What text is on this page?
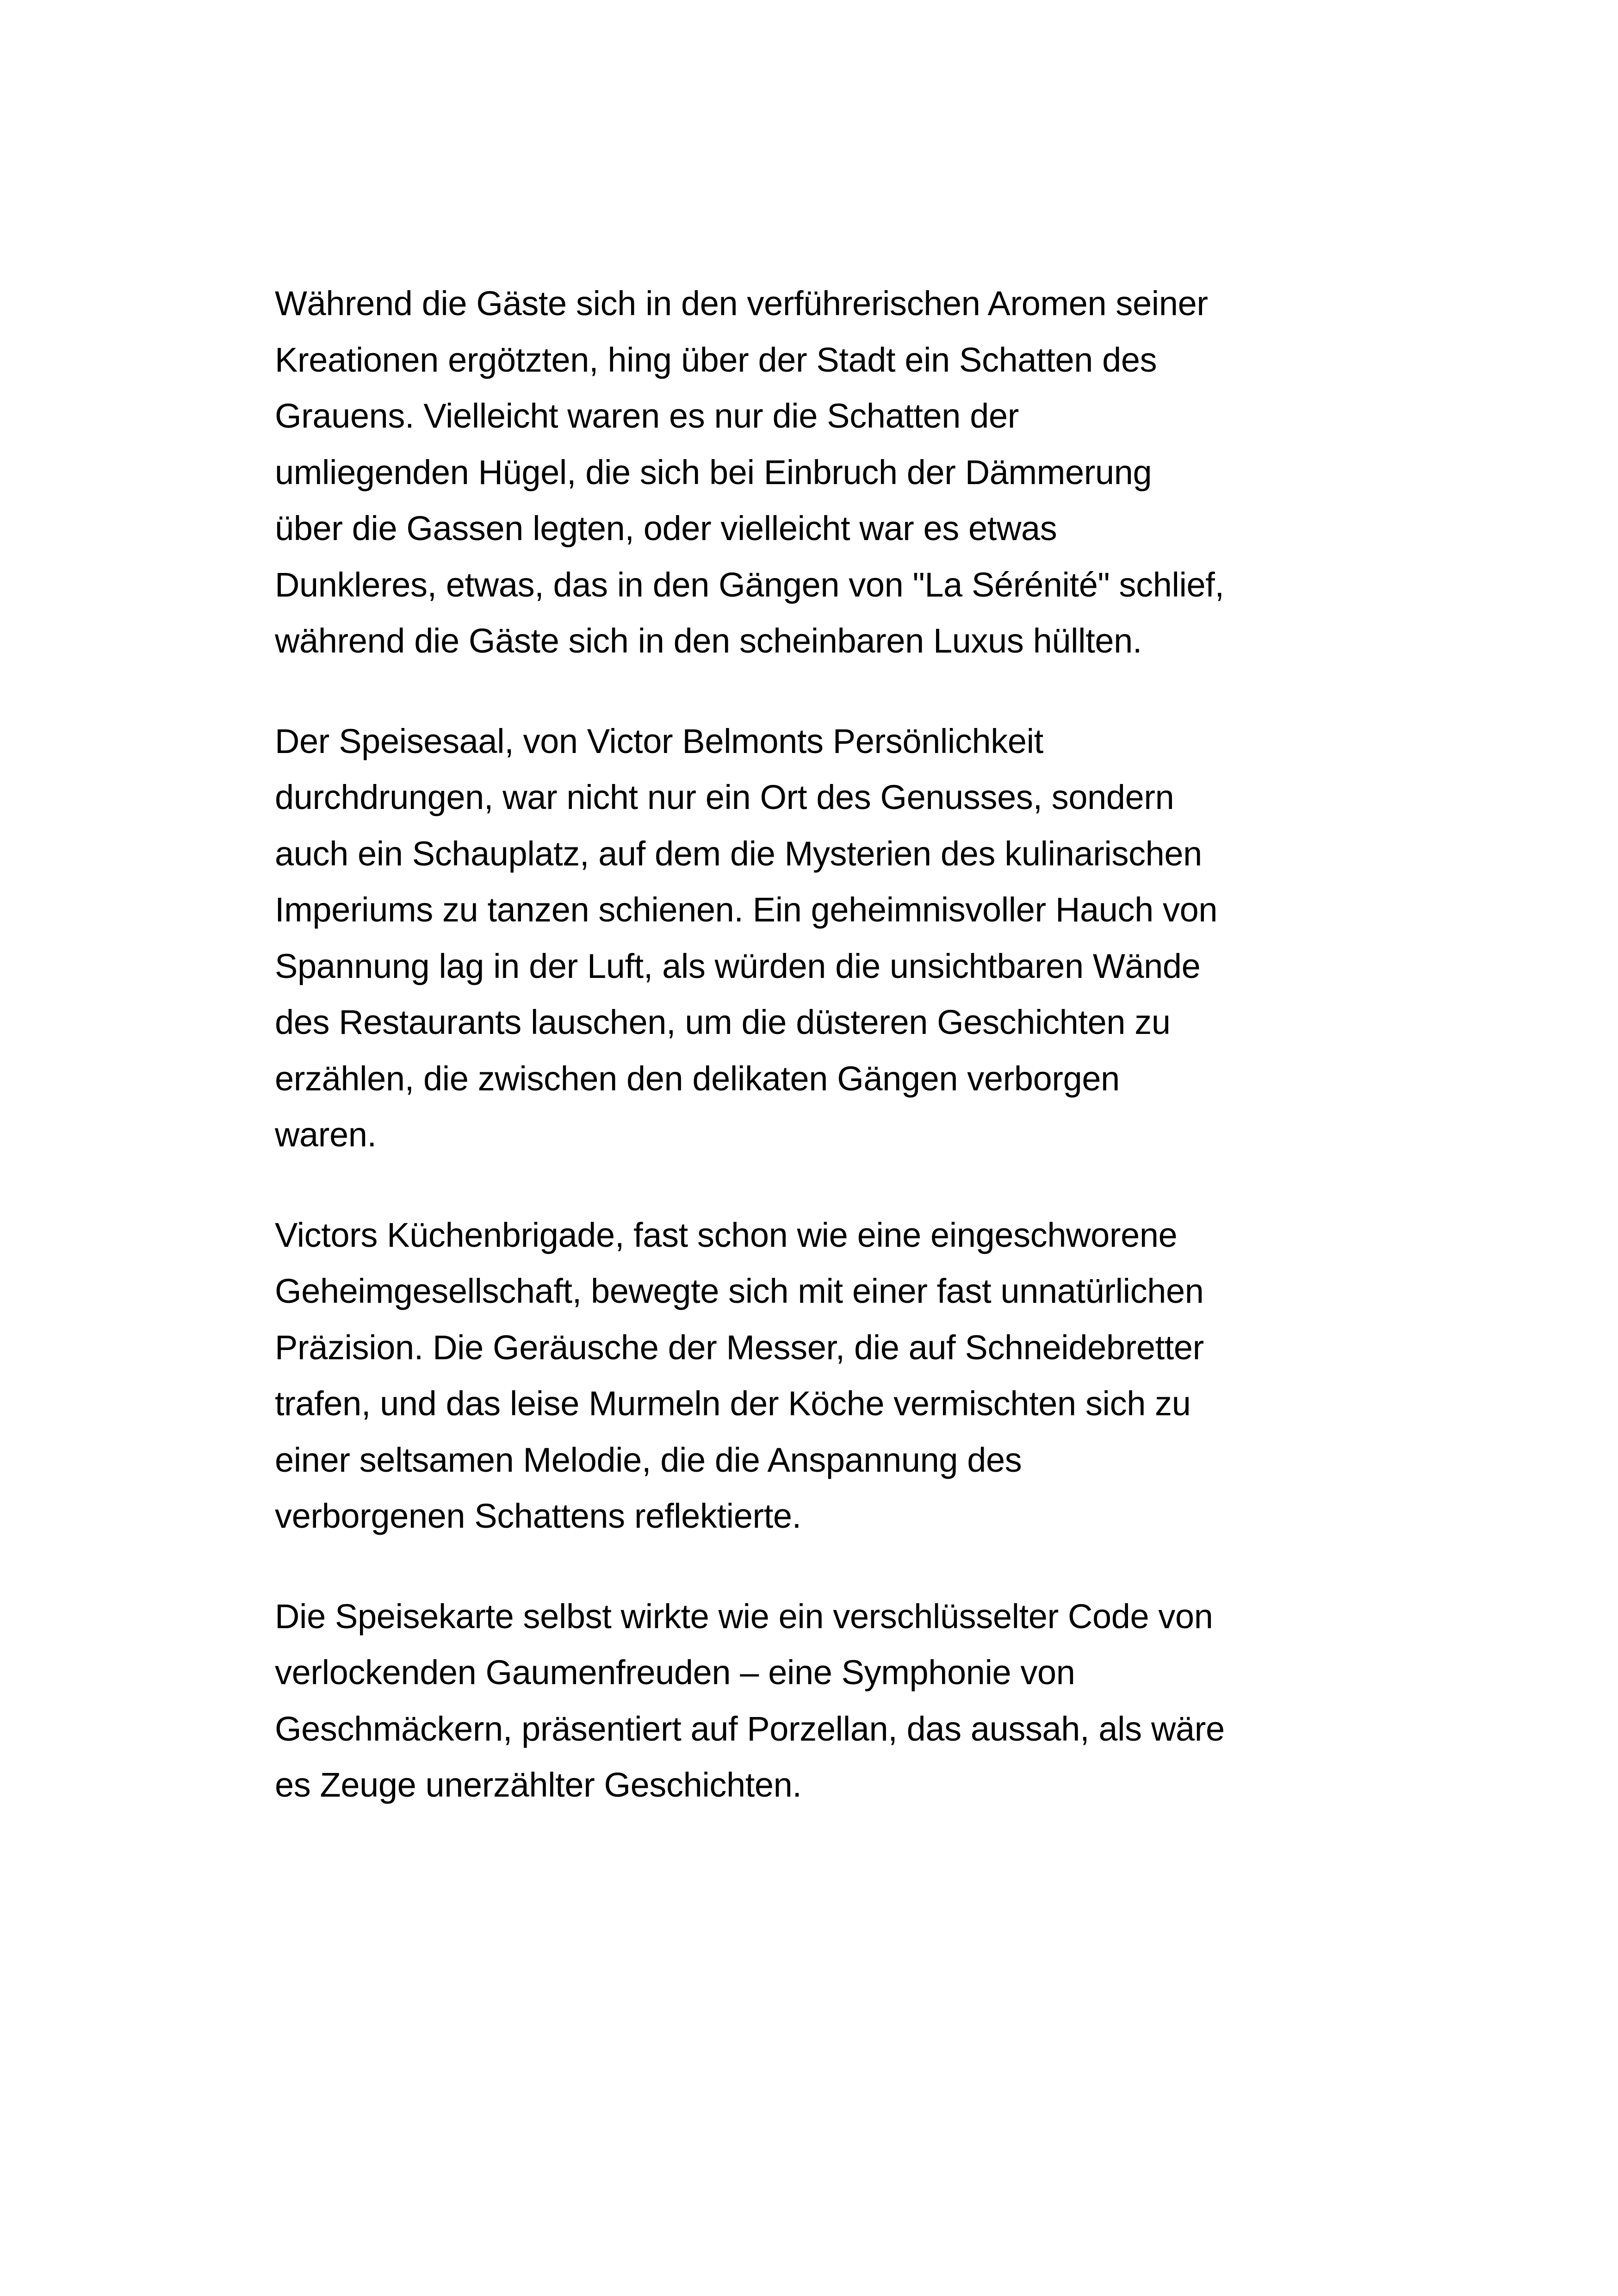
Während die Gäste sich in den verführerischen Aromen seiner
Kreationen ergötzten, hing über der Stadt ein Schatten des
Grauens. Vielleicht waren es nur die Schatten der
umliegenden Hügel, die sich bei Einbruch der Dämmerung
über die Gassen legten, oder vielleicht war es etwas
Dunkleres, etwas, das in den Gängen von "La Sérénité" schlief,
während die Gäste sich in den scheinbaren Luxus hüllten.

Der Speisesaal, von Victor Belmonts Persönlichkeit
durchdrungen, war nicht nur ein Ort des Genusses, sondern
auch ein Schauplatz, auf dem die Mysterien des kulinarischen
Imperiums zu tanzen schienen. Ein geheimnisvoller Hauch von
Spannung lag in der Luft, als würden die unsichtbaren Wände
des Restaurants lauschen, um die düsteren Geschichten zu
erzählen, die zwischen den delikaten Gängen verborgen
waren.

Victors Küchenbrigade, fast schon wie eine eingeschworene
Geheimgesellschaft, bewegte sich mit einer fast unnatürlichen
Präzision. Die Geräusche der Messer, die auf Schneidebretter
trafen, und das leise Murmeln der Köche vermischten sich zu
einer seltsamen Melodie, die die Anspannung des
verborgenen Schattens reflektierte.

Die Speisekarte selbst wirkte wie ein verschlüsselter Code von
verlockenden Gaumenfreuden – eine Symphonie von
Geschmäckern, präsentiert auf Porzellan, das aussah, als wäre
es Zeuge unerzählter Geschichten.
